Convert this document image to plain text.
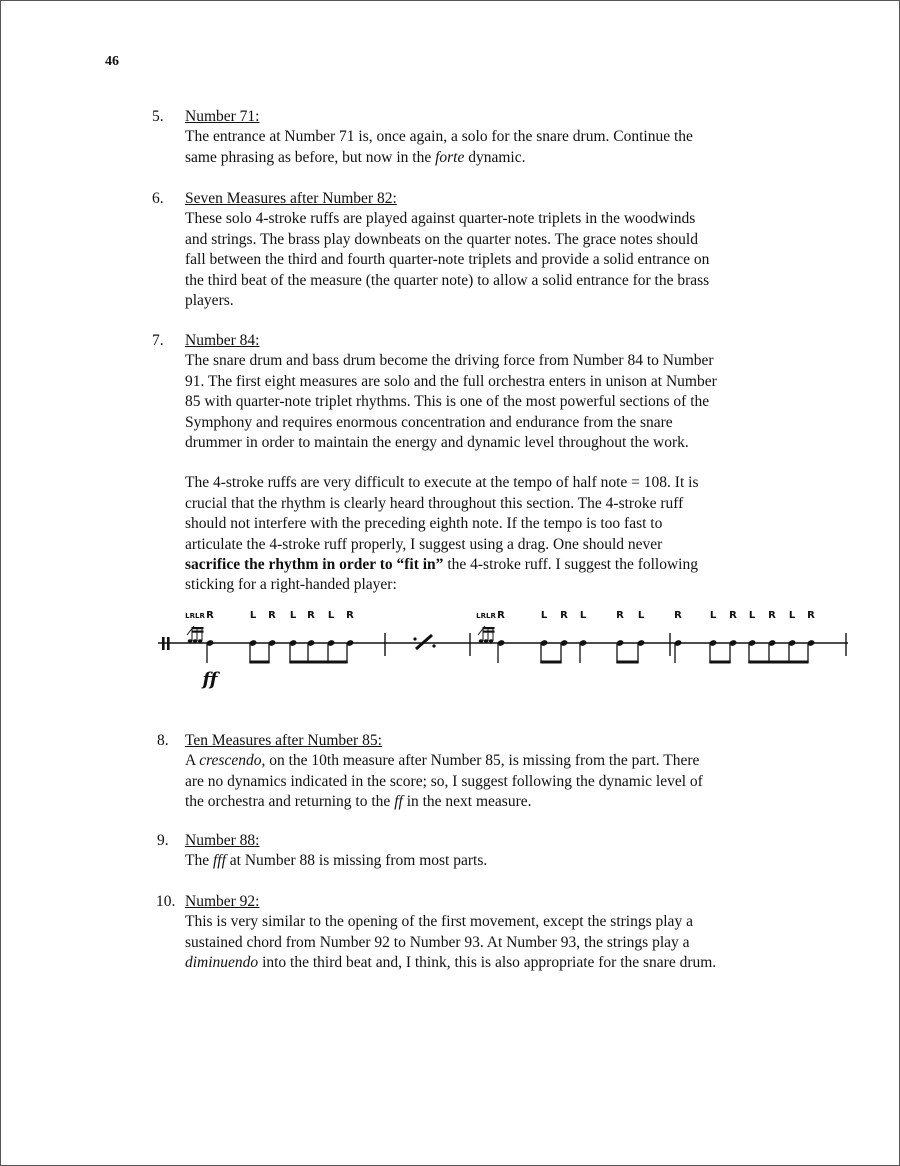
46
5. Number 71:
The entrance at Number 71 is, once again, a solo for the snare drum. Continue the
same phrasing as before, but now in the forte dynamic.
6. Seven Measures after Number 82:
These solo 4-stroke ruffs are played against quarter-note triplets in the woodwinds
and strings. The brass play downbeats on the quarter notes. The grace notes should
fall between the third and fourth quarter-note triplets and provide a solid entrance on
the third beat of the measure (the quarter note) to allow a solid entrance for the brass
players.
7. Number 84:

The snare drum and bass drum become the driving force from Number 84 to Number
91. The first eight measures are solo and the full orchestra enters in unison at Number
85 with quarter-note triplet rhythms. This is one of the most powerful sections of the
Symphony and requires enormous concentration and endurance from the snare
drummer in order to maintain the energy and dynamic level throughout the work.

The 4-stroke ruffs are very difficult to execute at the tempo of half note = 108. It is
crucial that the rhythm is clearly heard throughout this section. The 4-stroke ruff
should not interfere with the preceding eighth note. If the tempo is too fast to
articulate the 4-stroke ruff properly, I suggest using a drag. One should never
sacrifice the rhythm in order to “fit in” the 4-stroke ruff. I suggest the following
sticking for a right-handed player:

LRLR R	L R L R L R
ff
LRLR R	L R L	R L	R	L R L R L R
8. Ten Measures after Number 85:
A crescendo, on the 10th measure after Number 85, is missing from the part. There
are no dynamics indicated in the score; so, I suggest following the dynamic level of
the orchestra and returning to the ff in the next measure.
9. Number 88:
The fff at Number 88 is missing from most parts.
10. Number 92:
This is very similar to the opening of the first movement, except the strings play a
sustained chord from Number 92 to Number 93. At Number 93, the strings play a
diminuendo into the third beat and, I think, this is also appropriate for the snare drum.
